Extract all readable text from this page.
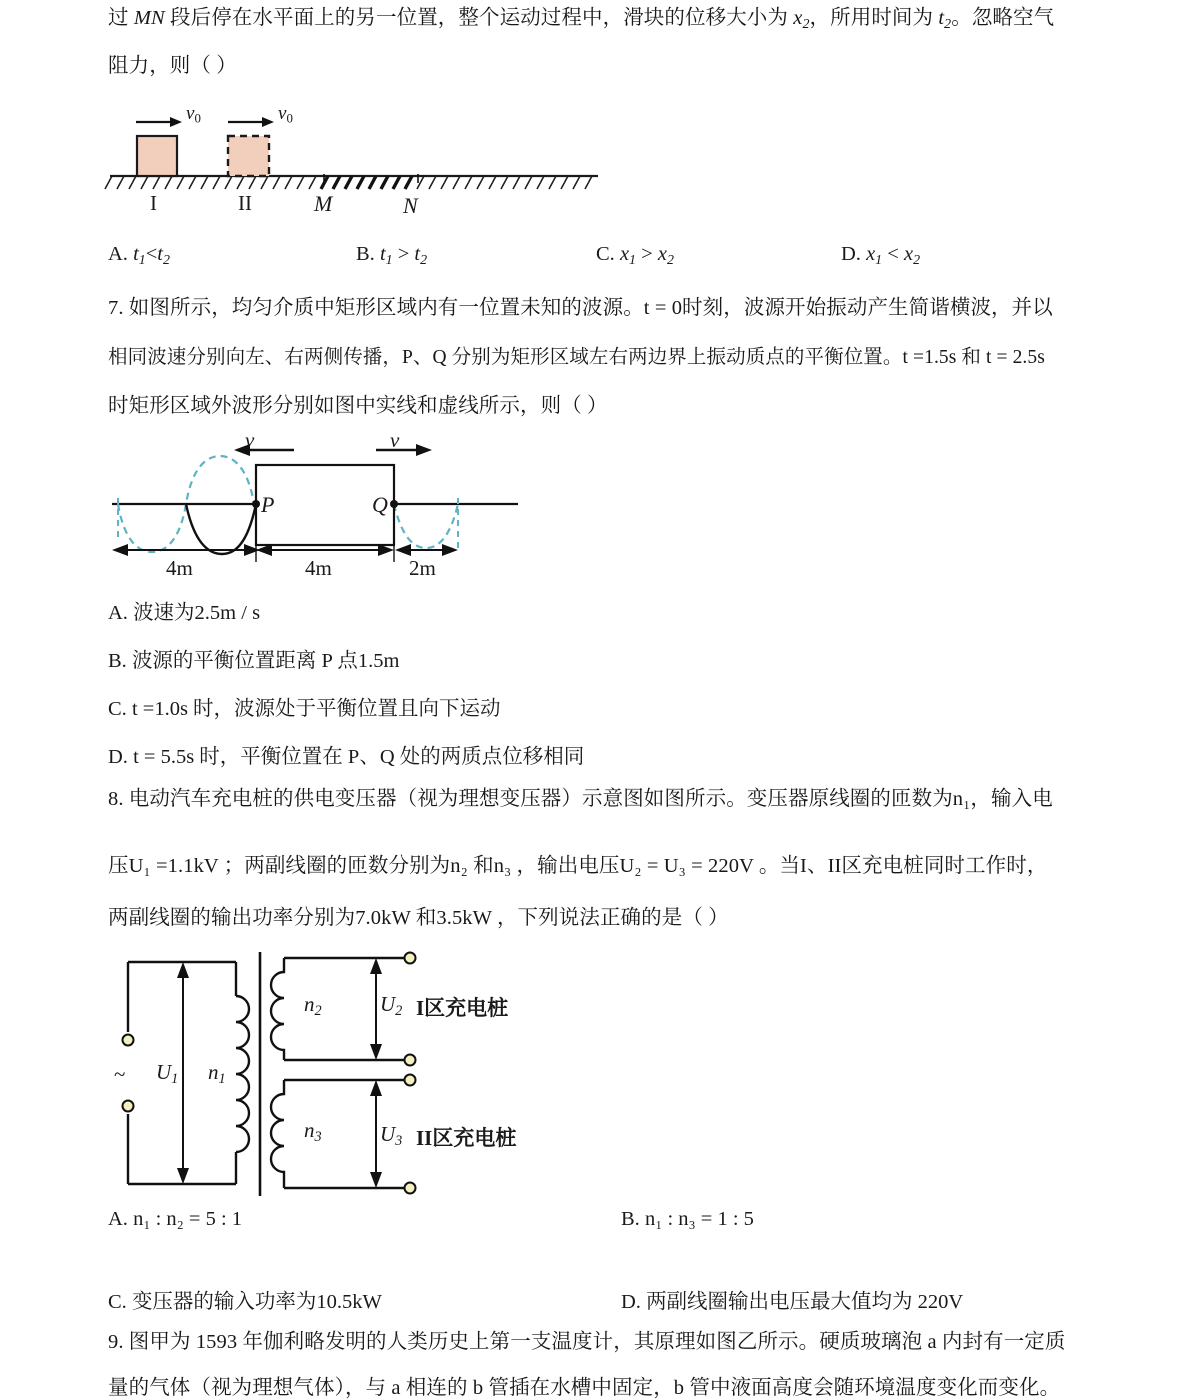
过 MN 段后停在水平面上的另一位置，整个运动过程中，滑块的位移大小为 $x_2$，所用时间为 $t_2$。忽略空气
阻力，则（ ）
$v_0$	$v_0$
I	II	M	N
A. $t_1<t_2$	B. $t_1 > t_2$	C. $x_1 > x_2$	D. $x_1 < x_2$
7. 如图所示，均匀介质中矩形区域内有一位置未知的波源。t = 0时刻，波源开始振动产生简谐横波，并以
相同波速分别向左、右两侧传播，P、Q 分别为矩形区域左右两边界上振动质点的平衡位置。t =1.5s 和 t = 2.5s
时矩形区域外波形分别如图中实线和虚线所示，则（ ）
P	Q
v	v
4m	4m	2m
A. 波速为2.5m / s
B. 波源的平衡位置距离 P 点1.5m
C. t =1.0s 时，波源处于平衡位置且向下运动
D. t = 5.5s 时，平衡位置在 P、Q 处的两质点位移相同
8. 电动汽车充电桩的供电变压器（视为理想变压器）示意图如图所示。变压器原线圈的匝数为n₁，输入电
压U₁ =1.1kV ；两副线圈的匝数分别为n₂ 和n₃ ，输出电压U₂ = U₃ = 220V 。当I、II区充电桩同时工作时，
两副线圈的输出功率分别为7.0kW 和3.5kW ，下列说法正确的是（ ）
~ $U_1$ $n_1$
$n_2$
$n_3$
$U_2$
$U_3$
I区充电桩
II区充电桩
A. n₁ : n₂ = 5 : 1	B. n₁ : n₃ = 1 : 5
C. 变压器的输入功率为10.5kW	D. 两副线圈输出电压最大值均为 220V
9. 图甲为 1593 年伽利略发明的人类历史上第一支温度计，其原理如图乙所示。硬质玻璃泡 a 内封有一定质
量的气体（视为理想气体），与 a 相连的 b 管插在水槽中固定，b 管中液面高度会随环境温度变化而变化。
